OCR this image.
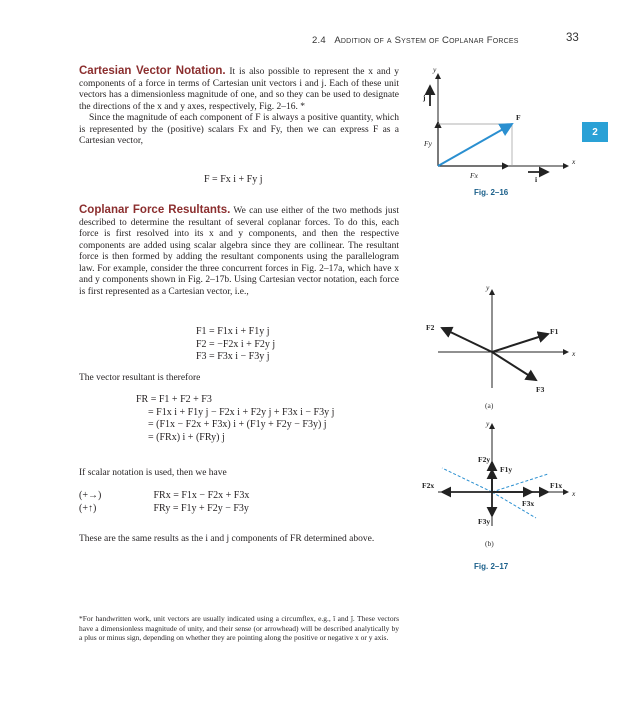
2.4 Addition of a System of Coplanar Forces	33
2
Cartesian Vector Notation. It is also possible to represent the x and y components of a force in terms of Cartesian unit vectors i and j. Each of these unit vectors has a dimensionless magnitude of one, and so they can be used to designate the directions of the x and y axes, respectively, Fig. 2–16. *
Since the magnitude of each component of F is always a positive quantity, which is represented by the (positive) scalars Fx and Fy, then we can express F as a Cartesian vector,
F = Fx i + Fy j
Coplanar Force Resultants. We can use either of the two methods just described to determine the resultant of several coplanar forces. To do this, each force is first resolved into its x and y components, and then the respective components are added using scalar algebra since they are collinear. The resultant force is then formed by adding the resultant components using the parallelogram law. For example, consider the three concurrent forces in Fig. 2–17a, which have x and y components shown in Fig. 2–17b. Using Cartesian vector notation, each force is first represented as a Cartesian vector, i.e.,
F1 = F1x i + F1y j
F2 = −F2x i + F2y j
F3 = F3x i − F3y j
The vector resultant is therefore
FR = F1 + F2 + F3
= F1x i + F1y j − F2x i + F2y j + F3x i − F3y j
= (F1x − F2x + F3x) i + (F1y + F2y − F3y) j
= (FRx) i + (FRy) j
If scalar notation is used, then we have
(+→)	FRx = F1x − F2x + F3x
(+↑)	FRy = F1y + F2y − F3y
These are the same results as the i and j components of FR determined above.
*For handwritten work, unit vectors are usually indicated using a circumflex, e.g., î and ĵ. These vectors have a dimensionless magnitude of unity, and their sense (or arrowhead) will be described analytically by a plus or minus sign, depending on whether they are pointing along the positive or negative x or y axis.
y
x
j
i
F
Fx
Fy
Fig. 2–16
y
x
F1
F2
F3
(a)
y
x
F1x
F1y
F2x
F2y
F3x
F3y
(b)
Fig. 2–17
